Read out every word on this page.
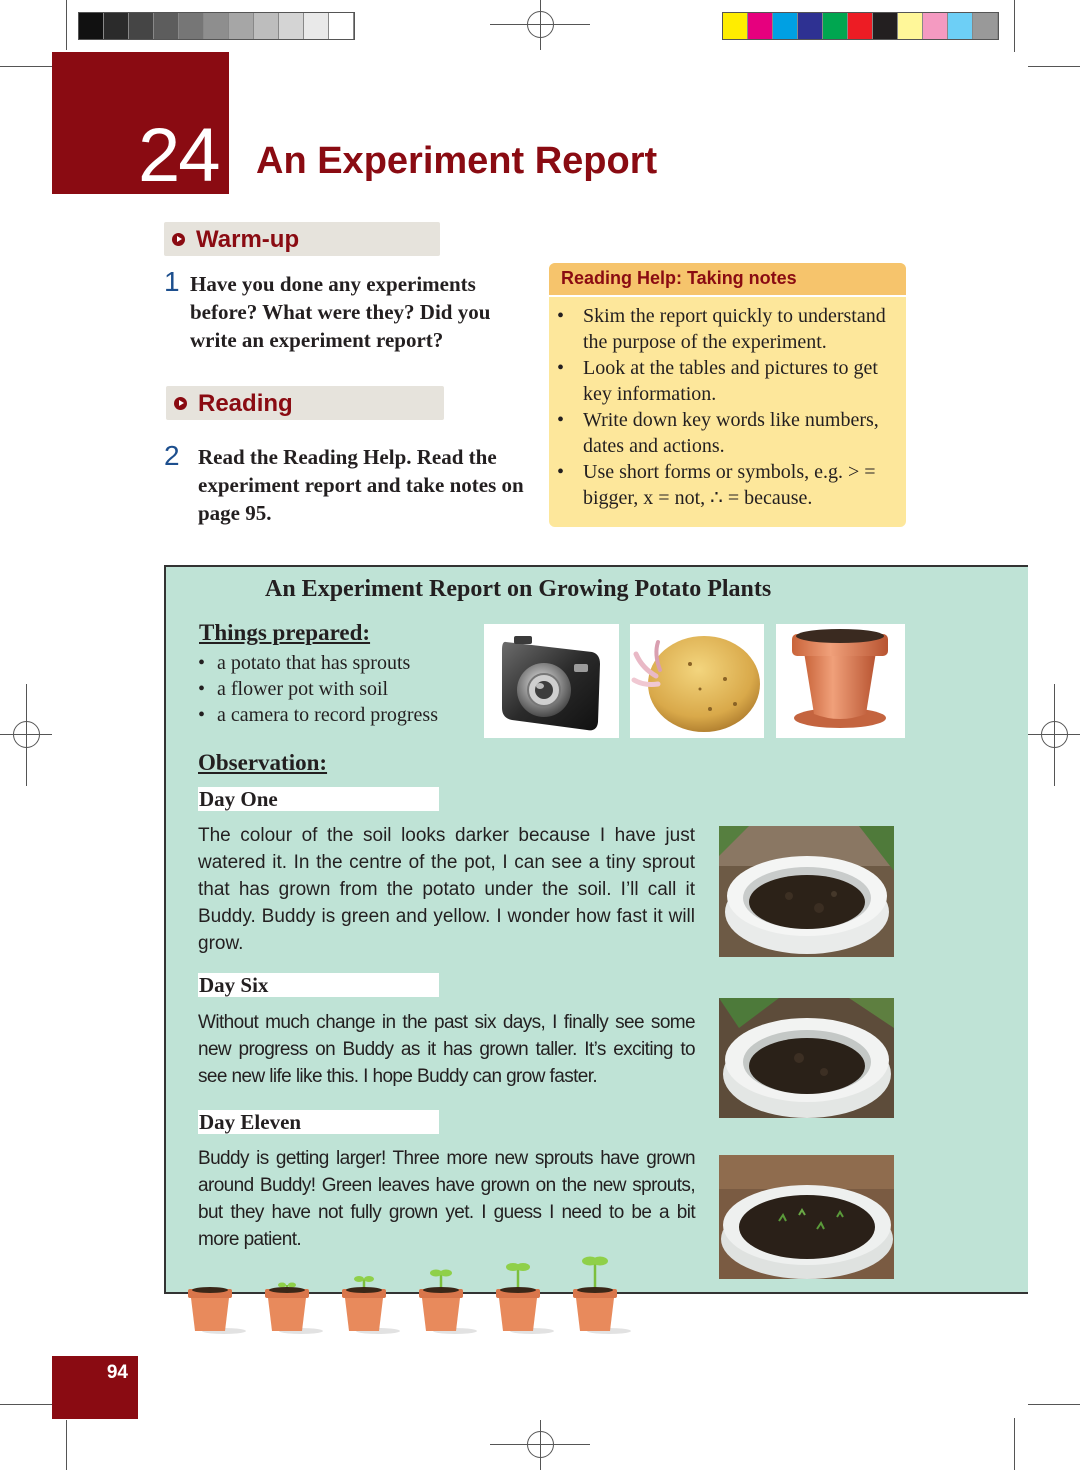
24 An Experiment Report
Warm-up
1 Have you done any experiments
before? What were they? Did you
write an experiment report?
Reading
2 Read the Reading Help. Read the
experiment report and take notes on
page 95.
Reading Help: Taking notes
• Skim the report quickly to understand the purpose of the experiment.
• Look at the tables and pictures to get key information.
• Write down key words like numbers, dates and actions.
• Use short forms or symbols, e.g. > = bigger, x = not, ∴ = because.
An Experiment Report on Growing Potato Plants
Things prepared:
• a potato that has sprouts
• a flower pot with soil
• a camera to record progress
Observation:
Day One
The colour of the soil looks darker because I have just watered it. In the centre of the pot, I can see a tiny sprout that has grown from the potato under the soil. I’ll call it Buddy. Buddy is green and yellow. I wonder how fast it will grow.
Day Six
Without much change in the past six days, I finally see some new progress on Buddy as it has grown taller. It’s exciting to see new life like this. I hope Buddy can grow faster.
Day Eleven
Buddy is getting larger! Three more new sprouts have grown around Buddy! Green leaves have grown on the new sprouts, but they have not fully grown yet. I guess I need to be a bit more patient.
94
